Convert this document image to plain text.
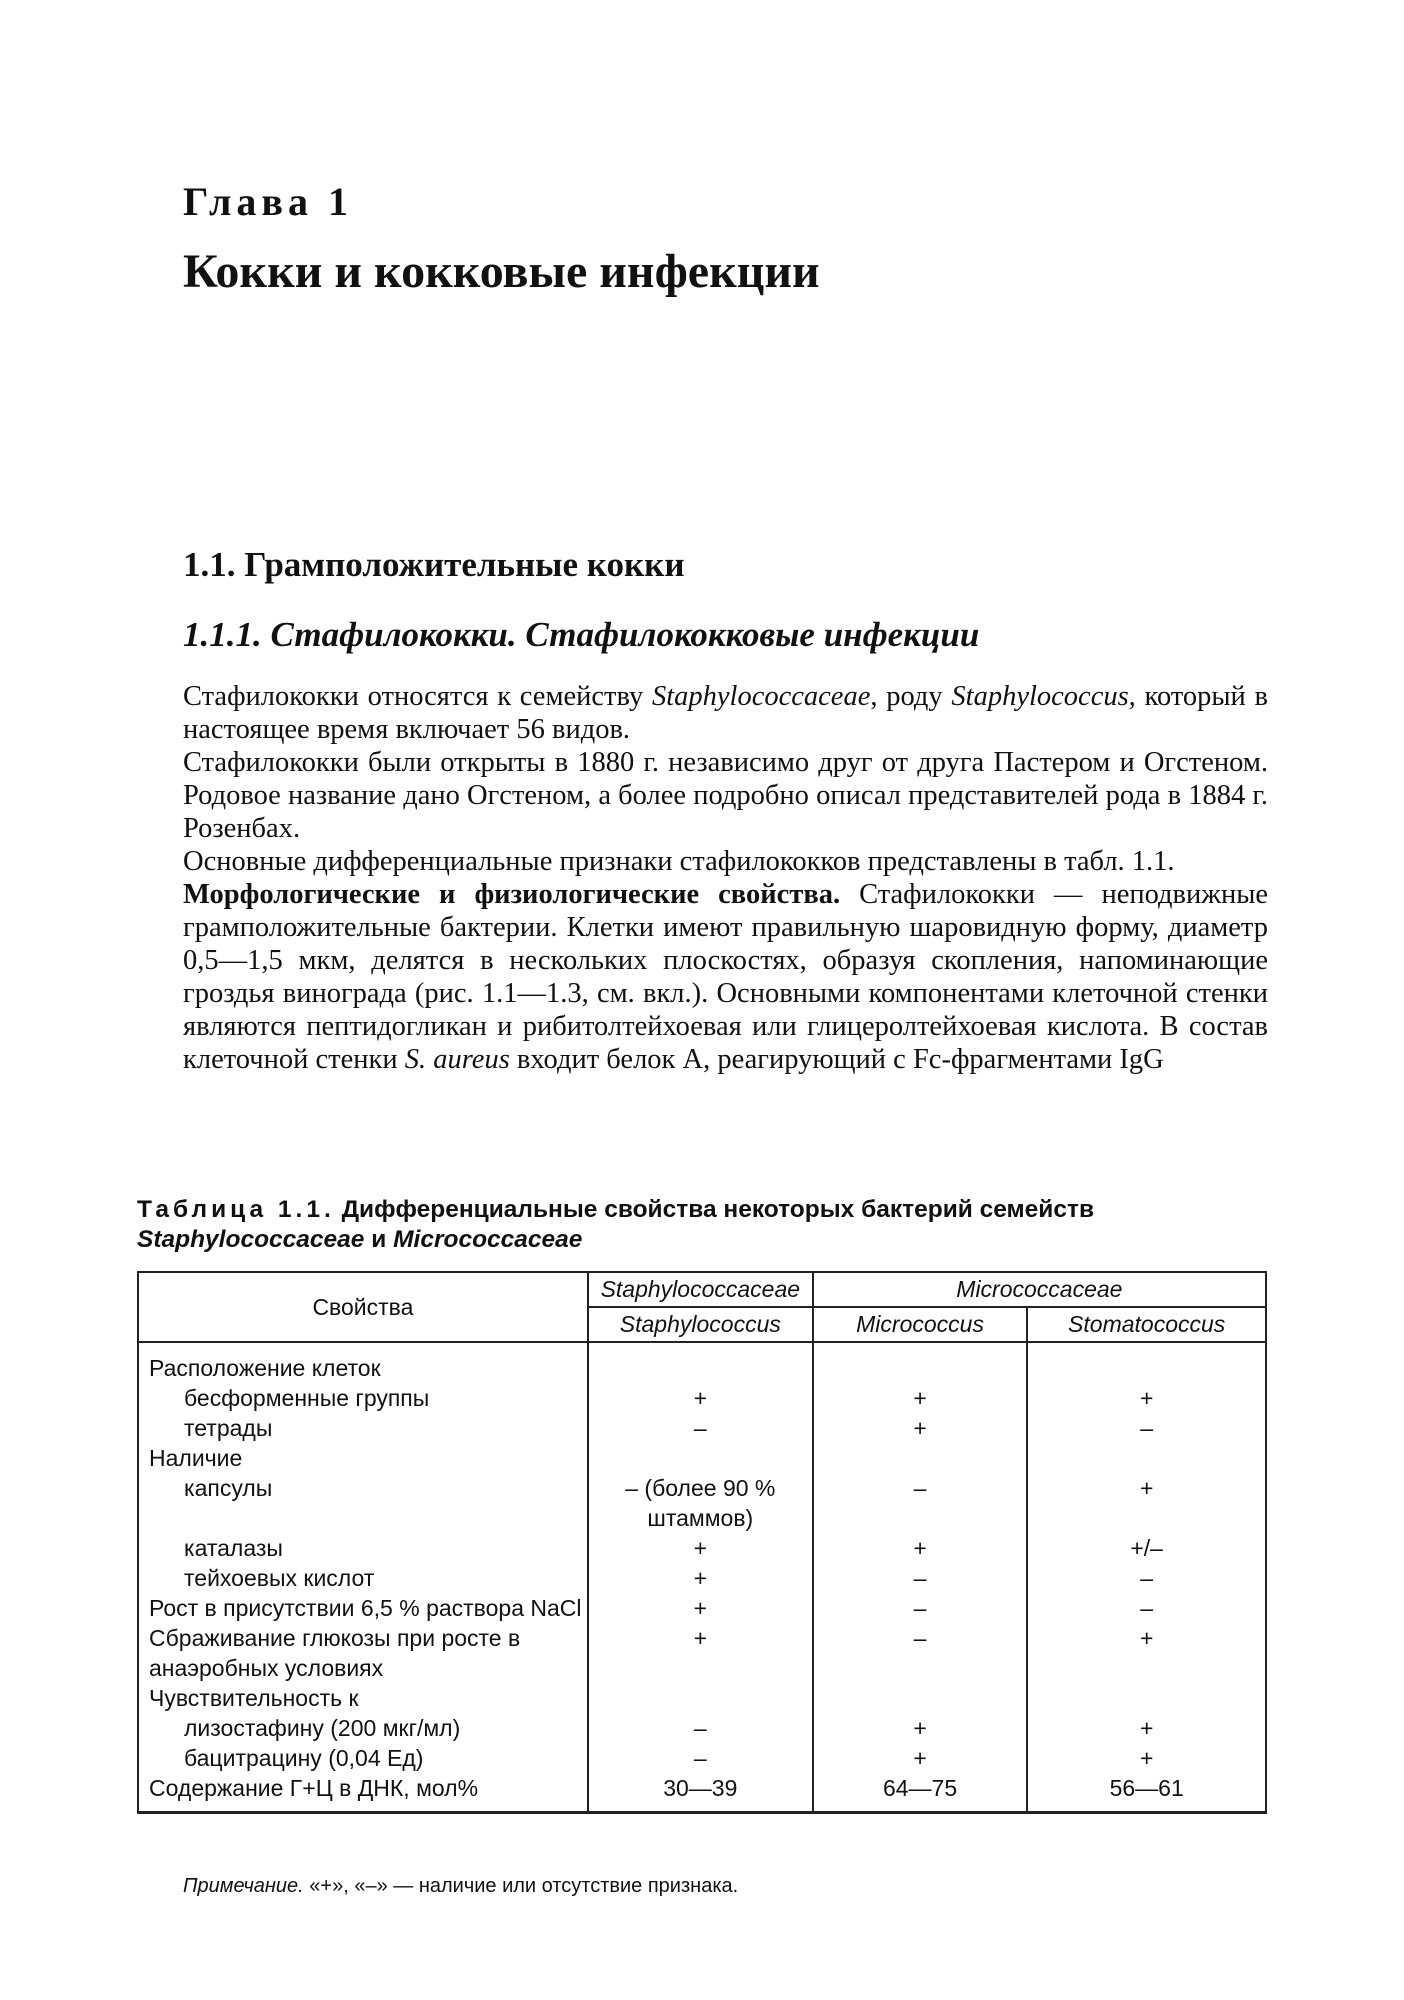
Глава 1
Кокки и кокковые инфекции
1.1. Грамположительные кокки
1.1.1. Стафилококки. Стафилококковые инфекции

Стафилококки относятся к семейству Staphylococcaceae, роду Staphylococcus, который в настоящее время включает 56 видов.

Стафилококки были открыты в 1880 г. независимо друг от друга Пастером и Огстеном. Родовое название дано Огстеном, а более подробно описал представителей рода в 1884 г. Розенбах.

Основные дифференциальные признаки стафилококков представлены в табл. 1.1.

Морфологические и физиологические свойства. Стафилококки — неподвижные грамположительные бактерии. Клетки имеют правильную шаровидную форму, диаметр 0,5—1,5 мкм, делятся в нескольких плоскостях, образуя скопления, напоминающие гроздья винограда (рис. 1.1—1.3, см. вкл.). Основными компонентами клеточной стенки являются пептидогликан и рибитолтейхоевая или глицеролтейхоевая кислота. В состав клеточной стенки S. aureus входит белок А, реагирующий с Fc-фрагментами IgG

Таблица 1.1. Дифференциальные свойства некоторых бактерий семейств
Staphylococcaceae и Micrococcaceae
Свойства	Staphylococcaceae	Micrococcaceae	
	Staphylococcus	Micrococcus	Stomatococcus
Расположение клеток			
бесформенные группы	+	+	+
тетрады	–	+	–
Наличие			
капсулы	– (более 90 % штаммов)	–	+
каталазы	+	+	+/–
тейхоевых кислот	+	–	–
Рост в присутствии 6,5 % раствора NaCl	+	–	–
Сбраживание глюкозы при росте в анаэробных условиях	+	–	+
Чувствительность к			
лизостафину (200 мкг/мл)	–	+	+
бацитрацину (0,04 Ед)	–	+	+
Содержание Г+Ц в ДНК, мол%	30—39	64—75	56—61
Примечание. «+», «–» — наличие или отсутствие признака.
